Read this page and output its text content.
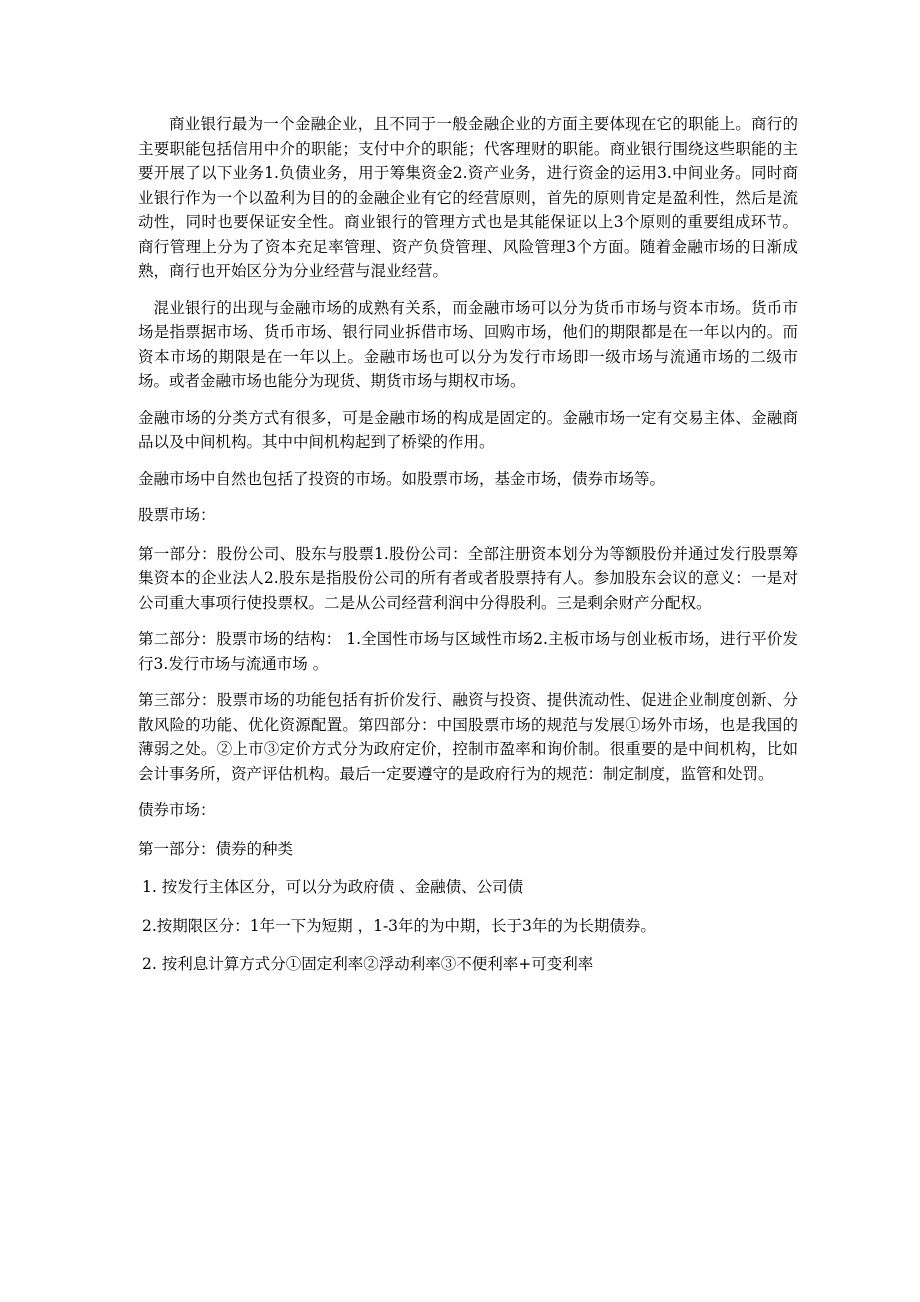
商业银行最为一个金融企业，且不同于一般金融企业的方面主要体现在它的职能上。商行的主要职能包括信用中介的职能；支付中介的职能；代客理财的职能。商业银行围绕这些职能的主要开展了以下业务1.负债业务，用于筹集资金2.资产业务，进行资金的运用3.中间业务。同时商业银行作为一个以盈利为目的的金融企业有它的经营原则，首先的原则肯定是盈利性，然后是流动性，同时也要保证安全性。商业银行的管理方式也是其能保证以上3个原则的重要组成环节。商行管理上分为了资本充足率管理、资产负贷管理、风险管理3个方面。随着金融市场的日渐成熟，商行也开始区分为分业经营与混业经营。

混业银行的出现与金融市场的成熟有关系，而金融市场可以分为货币市场与资本市场。货币市场是指票据市场、货币市场、银行同业拆借市场、回购市场，他们的期限都是在一年以内的。而资本市场的期限是在一年以上。金融市场也可以分为发行市场即一级市场与流通市场的二级市场。或者金融市场也能分为现货、期货市场与期权市场。

金融市场的分类方式有很多，可是金融市场的构成是固定的。金融市场一定有交易主体、金融商品以及中间机构。其中中间机构起到了桥梁的作用。

金融市场中自然也包括了投资的市场。如股票市场，基金市场，债券市场等。

股票市场：

第一部分：股份公司、股东与股票1.股份公司：全部注册资本划分为等额股份并通过发行股票筹集资本的企业法人2.股东是指股份公司的所有者或者股票持有人。参加股东会议的意义：一是对公司重大事项行使投票权。二是从公司经营利润中分得股利。三是剩余财产分配权。

第二部分：股票市场的结构： 1.全国性市场与区域性市场2.主板市场与创业板市场，进行平价发行3.发行市场与流通市场 。

第三部分：股票市场的功能包括有折价发行、融资与投资、提供流动性、促进企业制度创新、分散风险的功能、优化资源配置。第四部分：中国股票市场的规范与发展①场外市场，也是我国的薄弱之处。②上市③定价方式分为政府定价，控制市盈率和询价制。很重要的是中间机构，比如会计事务所，资产评估机构。最后一定要遵守的是政府行为的规范：制定制度，监管和处罚。

债券市场：

第一部分：债券的种类

1. 按发行主体区分，可以分为政府债 、金融债、公司债

2.按期限区分：1年一下为短期 ，1-3年的为中期，长于3年的为长期债券。

2. 按利息计算方式分①固定利率②浮动利率③不便利率+可变利率
